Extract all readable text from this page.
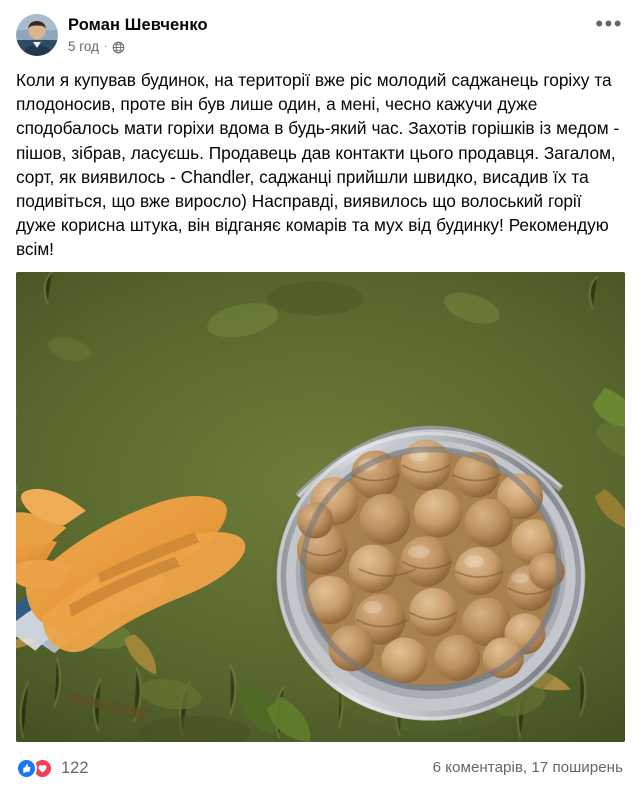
Роман Шевченко
5 год ·
•••
Коли я купував будинок, на території вже ріс молодий саджанець горіху та плодоносив, проте він був лише один, а мені, чесно кажучи дуже сподобалось мати горіхи вдома в будь-який час. Захотів горішків із медом - пішов, зібрав, ласуєшь. Продавець дав контакти цього продавця. Загалом, сорт, як виявилось - Chandler, саджанці прийшли швидко, висадив їх та подивіться, що вже виросло) Насправді, виявилось що волоський горії дуже корисна штука, він відганяє комарів та мух від будинку! Рекомендую всім!
122	6 коментарів, 17 поширень
